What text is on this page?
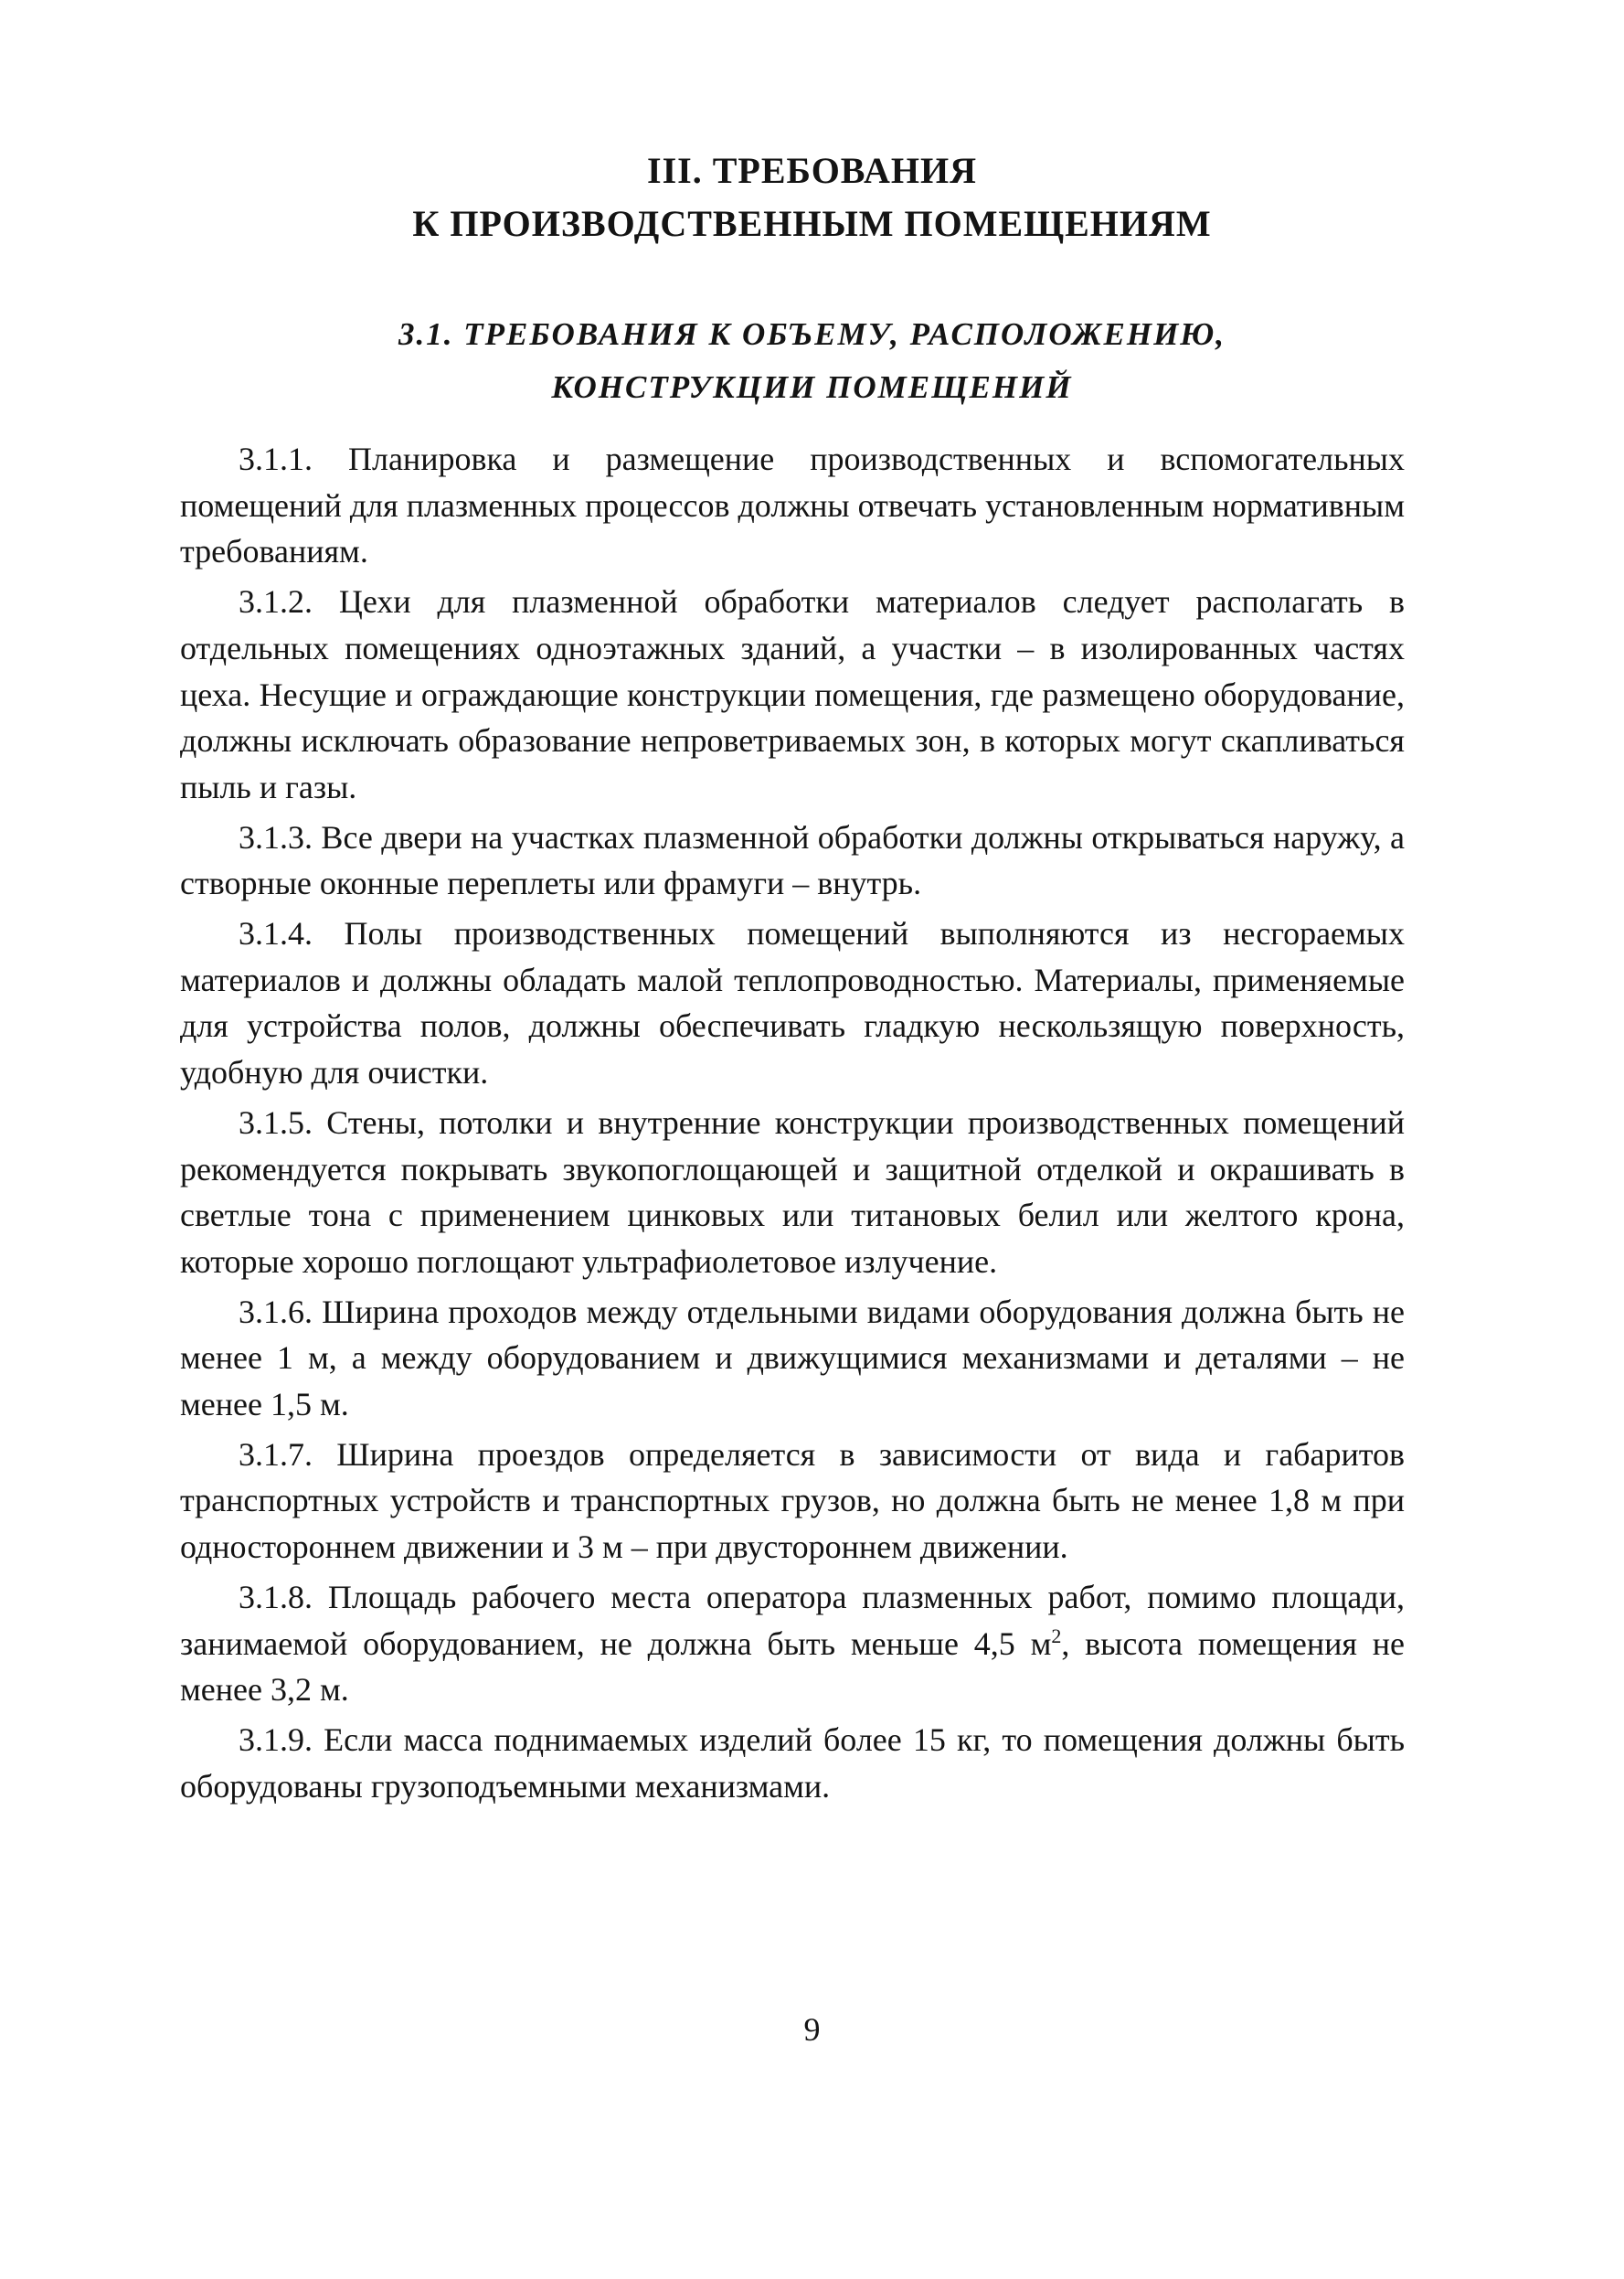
III. ТРЕБОВАНИЯ
К ПРОИЗВОДСТВЕННЫМ ПОМЕЩЕНИЯМ
3.1. ТРЕБОВАНИЯ К ОБЪЕМУ, РАСПОЛОЖЕНИЮ,
КОНСТРУКЦИИ ПОМЕЩЕНИЙ

3.1.1. Планировка и размещение производственных и вспомогательных помещений для плазменных процессов должны отвечать установленным нормативным требованиям.

3.1.2. Цехи для плазменной обработки материалов следует располагать в отдельных помещениях одноэтажных зданий, а участки – в изолированных частях цеха. Несущие и ограждающие конструкции помещения, где размещено оборудование, должны исключать образование непроветриваемых зон, в которых могут скапливаться пыль и газы.

3.1.3. Все двери на участках плазменной обработки должны открываться наружу, а створные оконные переплеты или фрамуги – внутрь.

3.1.4. Полы производственных помещений выполняются из несгораемых материалов и должны обладать малой теплопроводностью. Материалы, применяемые для устройства полов, должны обеспечивать гладкую нескользящую поверхность, удобную для очистки.

3.1.5. Стены, потолки и внутренние конструкции производственных помещений рекомендуется покрывать звукопоглощающей и защитной отделкой и окрашивать в светлые тона с применением цинковых или титановых белил или желтого крона, которые хорошо поглощают ультрафиолетовое излучение.

3.1.6. Ширина проходов между отдельными видами оборудования должна быть не менее 1 м, а между оборудованием и движущимися механизмами и деталями – не менее 1,5 м.

3.1.7. Ширина проездов определяется в зависимости от вида и габаритов транспортных устройств и транспортных грузов, но должна быть не менее 1,8 м при одностороннем движении и 3 м – при двустороннем движении.

3.1.8. Площадь рабочего места оператора плазменных работ, помимо площади, занимаемой оборудованием, не должна быть меньше 4,5 $м^2$, высота помещения не менее 3,2 м.

3.1.9. Если масса поднимаемых изделий более 15 кг, то помещения должны быть оборудованы грузоподъемными механизмами.

9
